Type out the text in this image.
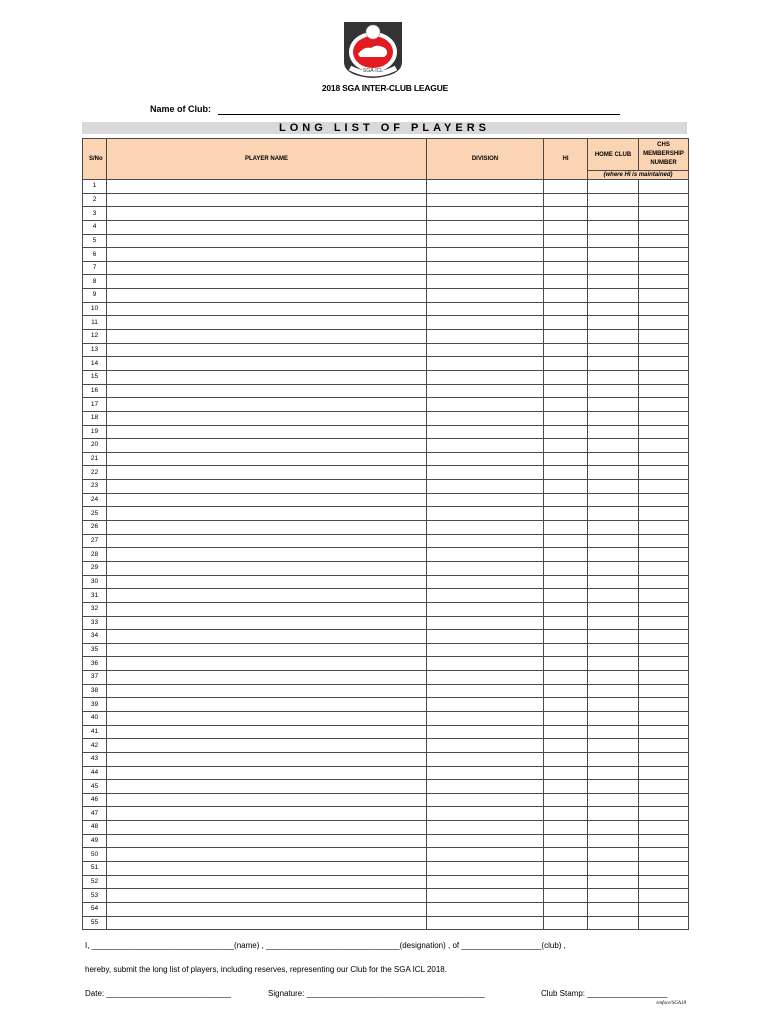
SGA·ICL
2018 SGA INTER-CLUB LEAGUE
Name of Club:
LONG LIST OF PLAYERS
S/No	PLAYER NAME	DIVISION	HI	HOME CLUB	CHS
MEMBERSHIP
NUMBER

				(where HI is maintained)	
1					
2					
3					
4					
5					
6					
7					
8					
9					
10					
11					
12					
13					
14					
15					
16					
17					
18					
19					
20					
21					
22					
23					
24					
25					
26					
27					
28					
29					
30					
31					
32					
33					
34					
35					
36					
37					
38					
39					
40					
41					
42					
43					
44					
45					
46					
47					
48					
49					
50					
51					
52					
53					
54					
55					
I, ________________________________(name) , ______________________________(designation) , of __________________(club) ,
hereby, submit the long list of players, including reserves, representing our Club for the SGA ICL 2018.
Date: ____________________________	Signature: ________________________________________	Club Stamp: __________________
/enface/SGA18
